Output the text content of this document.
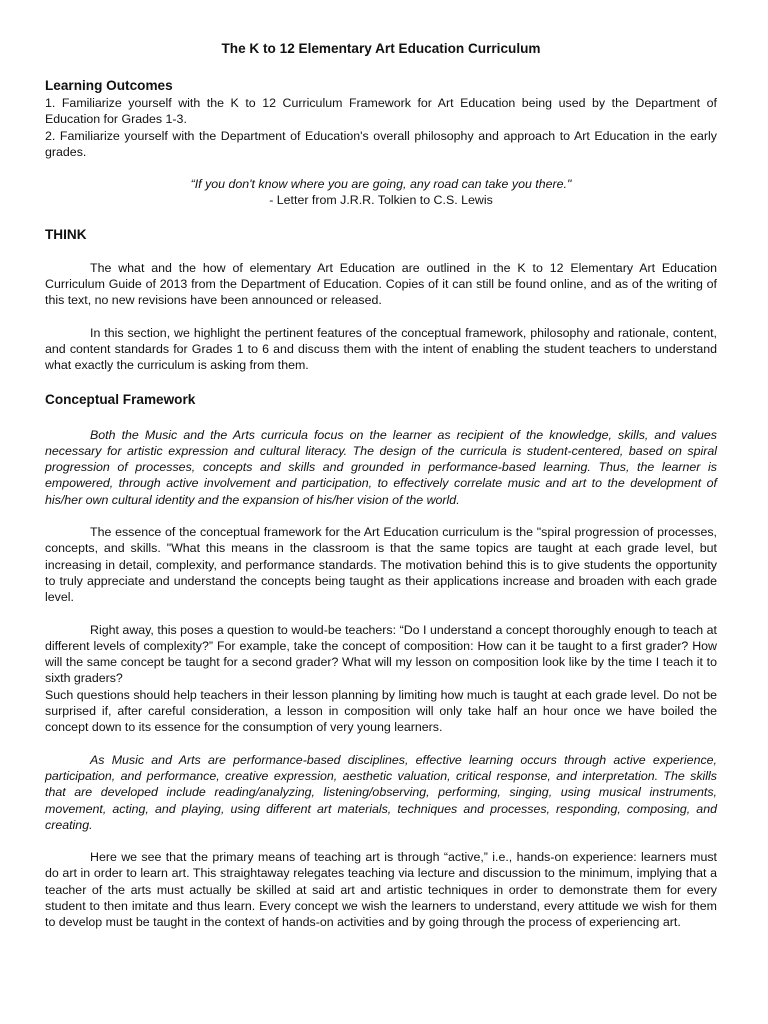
The K to 12 Elementary Art Education Curriculum
Learning Outcomes

1. Familiarize yourself with the K to 12 Curriculum Framework for Art Education being used by the Department of Education for Grades 1-3.

2. Familiarize yourself with the Department of Education's overall philosophy and approach to Art Education in the early grades.

“If you don't know where you are going, any road can take you there."

- Letter from J.R.R. Tolkien to C.S. Lewis

THINK

The what and the how of elementary Art Education are outlined in the K to 12 Elementary Art Education Curriculum Guide of 2013 from the Department of Education. Copies of it can still be found online, and as of the writing of this text, no new revisions have been announced or released.

In this section, we highlight the pertinent features of the conceptual framework, philosophy and rationale, content, and content standards for Grades 1 to 6 and discuss them with the intent of enabling the student teachers to understand what exactly the curriculum is asking from them.

Conceptual Framework

Both the Music and the Arts curricula focus on the learner as recipient of the knowledge, skills, and values necessary for artistic expression and cultural literacy. The design of the curricula is student-centered, based on spiral progression of processes, concepts and skills and grounded in performance-based learning. Thus, the learner is empowered, through active involvement and participation, to effectively correlate music and art to the development of his/her own cultural identity and the expansion of his/her vision of the world.

The essence of the conceptual framework for the Art Education curriculum is the "spiral progression of processes, concepts, and skills. "What this means in the classroom is that the same topics are taught at each grade level, but increasing in detail, complexity, and performance standards. The motivation behind this is to give students the opportunity to truly appreciate and understand the concepts being taught as their applications increase and broaden with each grade level.

Right away, this poses a question to would-be teachers: “Do I understand a concept thoroughly enough to teach at different levels of complexity?” For example, take the concept of composition: How can it be taught to a first grader? How will the same concept be taught for a second grader? What will my lesson on composition look like by the time I teach it to sixth graders?

Such questions should help teachers in their lesson planning by limiting how much is taught at each grade level. Do not be surprised if, after careful consideration, a lesson in composition will only take half an hour once we have boiled the concept down to its essence for the consumption of very young learners.

As Music and Arts are performance-based disciplines, effective learning occurs through active experience, participation, and performance, creative expression, aesthetic valuation, critical response, and interpretation. The skills that are developed include reading/analyzing, listening/observing, performing, singing, using musical instruments, movement, acting, and playing, using different art materials, techniques and processes, responding, composing, and creating.

Here we see that the primary means of teaching art is through “active,” i.e., hands-on experience: learners must do art in order to learn art. This straightaway relegates teaching via lecture and discussion to the minimum, implying that a teacher of the arts must actually be skilled at said art and artistic techniques in order to demonstrate them for every student to then imitate and thus learn. Every concept we wish the learners to understand, every attitude we wish for them to develop must be taught in the context of hands-on activities and by going through the process of experiencing art.
